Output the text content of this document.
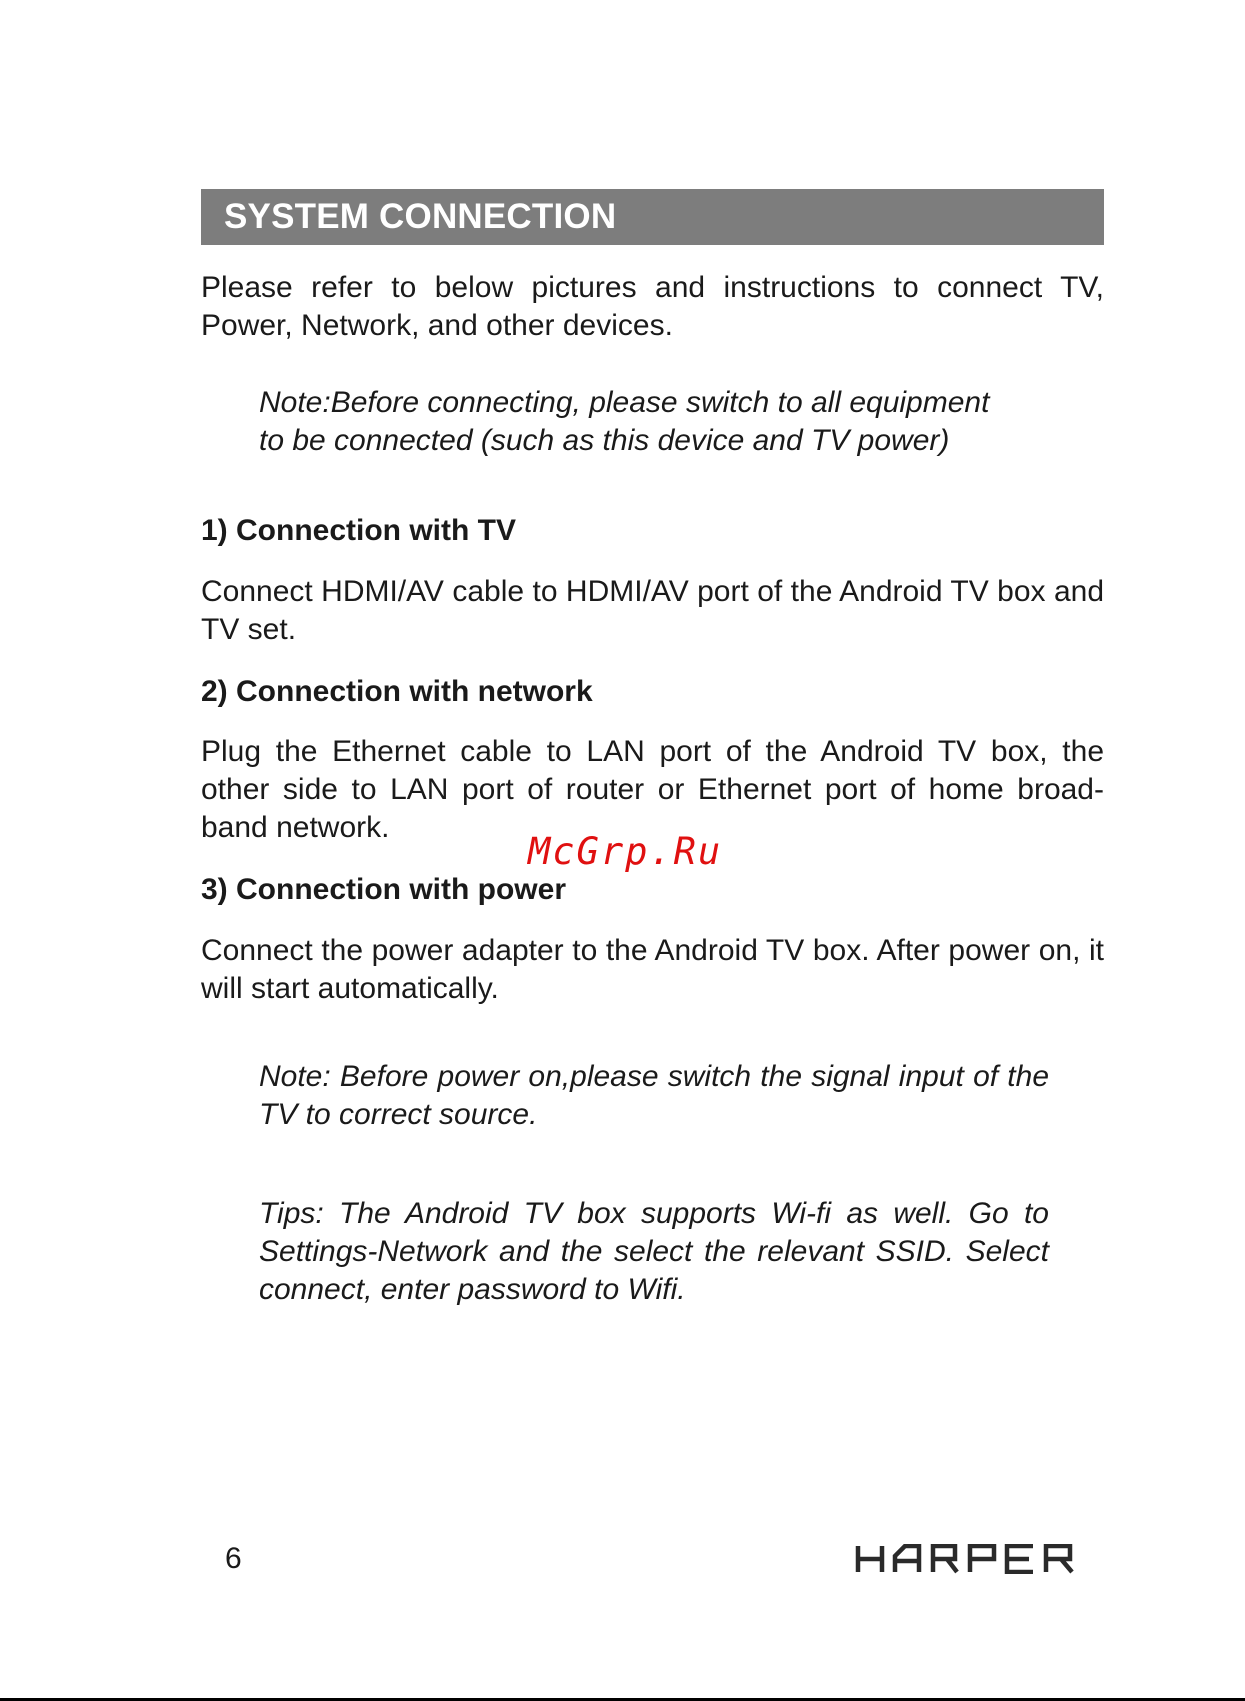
SYSTEM CONNECTION

Please refer to below pictures and instructions to connect TV, Power, Network, and other devices.

Note:Before connecting, please switch to all equipment
to be connected (such as this device and TV power)

1) Connection with TV

Connect HDMI/AV cable to HDMI/AV port of the Android TV box and TV set.

2) Connection with network

Plug the Ethernet cable to LAN port of the Android TV box, the other side to LAN port of router or Ethernet port of home broad-band network.

3) Connection with power

Connect the power adapter to the Android TV box. After power on, it will start automatically.

Note: Before power on,please switch the signal input of the TV to correct source.

Tips: The Android TV box supports Wi-fi as well. Go to Settings-Network and the select the relevant SSID. Select connect, enter password to Wifi.

McGrp.Ru
6
